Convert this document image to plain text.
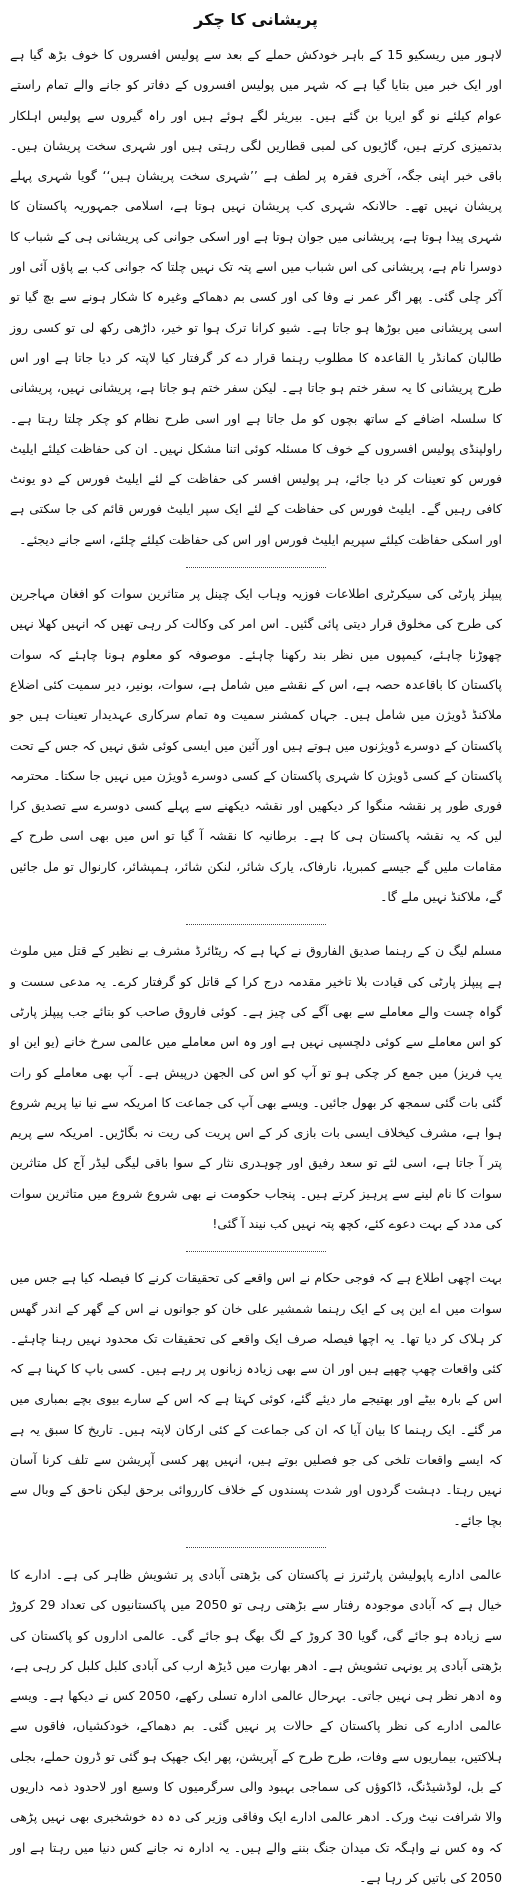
پریشانی کا چکر

لاہور میں ریسکیو 15 کے باہر خودکش حملے کے بعد سے پولیس افسروں کا خوف بڑھ گیا ہے اور ایک خبر میں بتایا گیا ہے کہ شہر میں پولیس افسروں کے دفاتر کو جانے والے تمام راستے عوام کیلئے نو گو ایریا بن گئے ہیں۔ بیریئر لگے ہوئے ہیں اور راہ گیروں سے پولیس اہلکار بدتمیزی کرتے ہیں، گاڑیوں کی لمبی قطاریں لگی رہتی ہیں اور شہری سخت پریشان ہیں۔ باقی خبر اپنی جگہ، آخری فقرہ پر لطف ہے ’’شہری سخت پریشان ہیں‘‘ گویا شہری پہلے پریشان نہیں تھے۔ حالانکہ شہری کب پریشان نہیں ہوتا ہے، اسلامی جمہوریہ پاکستان کا شہری پیدا ہوتا ہے، پریشانی میں جوان ہوتا ہے اور اسکی جوانی کی پریشانی ہی کے شباب کا دوسرا نام ہے، پریشانی کی اس شباب میں اسے پتہ تک نہیں چلتا کہ جوانی کب بے پاؤں آئی اور آکر چلی گئی۔ پھر اگر عمر نے وفا کی اور کسی بم دھماکے وغیرہ کا شکار ہونے سے بچ گیا تو اسی پریشانی میں بوڑھا ہو جاتا ہے۔ شیو کرانا ترک ہوا تو خیر، داڑھی رکھ لی تو کسی روز طالبان کمانڈر یا القاعدہ کا مطلوب رہنما قرار دے کر گرفتار کیا لاپتہ کر دیا جاتا ہے اور اس طرح پریشانی کا یہ سفر ختم ہو جاتا ہے۔ لیکن سفر ختم ہو جاتا ہے، پریشانی نہیں، پریشانی کا سلسلہ اضافے کے ساتھ بچوں کو مل جاتا ہے اور اسی طرح نظام کو چکر چلتا رہتا ہے۔ راولپنڈی پولیس افسروں کے خوف کا مسئلہ کوئی اتنا مشکل نہیں۔ ان کی حفاظت کیلئے ایلیٹ فورس کو تعینات کر دیا جائے، ہر پولیس افسر کی حفاظت کے لئے ایلیٹ فورس کے دو یونٹ کافی رہیں گے۔ ایلیٹ فورس کی حفاظت کے لئے ایک سپر ایلیٹ فورس قائم کی جا سکتی ہے اور اسکی حفاظت کیلئے سپریم ایلیٹ فورس اور اس کی حفاظت کیلئے چلئے، اسے جانے دیجئے۔

پیپلز پارٹی کی سیکرٹری اطلاعات فوزیہ وہاب ایک چینل پر متاثرین سوات کو افغان مہاجرین کی طرح کی مخلوق قرار دیتی پائی گئیں۔ اس امر کی وکالت کر رہی تھیں کہ انہیں کھلا نہیں چھوڑنا چاہئے، کیمپوں میں نظر بند رکھنا چاہئے۔ موصوفہ کو معلوم ہونا چاہئے کہ سوات پاکستان کا باقاعدہ حصہ ہے، اس کے نقشے میں شامل ہے، سوات، بونیر، دیر سمیت کئی اضلاع ملاکنڈ ڈویژن میں شامل ہیں۔ جہاں کمشنر سمیت وہ تمام سرکاری عہدیدار تعینات ہیں جو پاکستان کے دوسرے ڈویژنوں میں ہوتے ہیں اور آئین میں ایسی کوئی شق نہیں کہ جس کے تحت پاکستان کے کسی ڈویژن کا شہری پاکستان کے کسی دوسرے ڈویژن میں نہیں جا سکتا۔ محترمہ فوری طور پر نقشہ منگوا کر دیکھیں اور نقشہ دیکھنے سے پہلے کسی دوسرے سے تصدیق کرا لیں کہ یہ نقشہ پاکستان ہی کا ہے۔ برطانیہ کا نقشہ آ گیا تو اس میں بھی اسی طرح کے مقامات ملیں گے جیسے کمبریا، نارفاک، یارک شائر، لنکن شائر، ہمپشائر، کارنوال تو مل جائیں گے، ملاکنڈ نہیں ملے گا۔

مسلم لیگ ن کے رہنما صدیق الفاروق نے کہا ہے کہ ریٹائرڈ مشرف بے نظیر کے قتل میں ملوث ہے پیپلز پارٹی کی قیادت بلا تاخیر مقدمہ درج کرا کے قاتل کو گرفتار کرے۔ یہ مدعی سست و گواہ چست والے معاملے سے بھی آگے کی چیز ہے۔ کوئی فاروق صاحب کو بتائے جب پیپلز پارٹی کو اس معاملے سے کوئی دلچسپی نہیں ہے اور وہ اس معاملے میں عالمی سرخ خانے (یو این او یپ فریز) میں جمع کر چکی ہو تو آپ کو اس کی الجھن درپیش ہے۔ آپ بھی معاملے کو رات گئی بات گئی سمجھ کر بھول جائیں۔ ویسے بھی آپ کی جماعت کا امریکہ سے نیا نیا پریم شروع ہوا ہے، مشرف کیخلاف ایسی بات بازی کر کے اس پریت کی ریت نہ بگاڑیں۔ امریکہ سے پریم پتر آ جاتا ہے، اسی لئے تو سعد رفیق اور چوہدری نثار کے سوا باقی لیگی لیڈر آج کل متاثرین سوات کا نام لینے سے پرہیز کرتے ہیں۔ پنجاب حکومت نے بھی شروع شروع میں متاثرین سوات کی مدد کے بہت دعوے کئے، کچھ پتہ نہیں کب نیند آ گئی!

بہت اچھی اطلاع ہے کہ فوجی حکام نے اس واقعے کی تحقیقات کرنے کا فیصلہ کیا ہے جس میں سوات میں اے این پی کے ایک رہنما شمشیر علی خان کو جوانوں نے اس کے گھر کے اندر گھس کر ہلاک کر دیا تھا۔ یہ اچھا فیصلہ صرف ایک واقعے کی تحقیقات تک محدود نہیں رہنا چاہئے۔ کئی واقعات چھپ چھپے ہیں اور ان سے بھی زیادہ زبانوں پر رہے ہیں۔ کسی باپ کا کہنا ہے کہ اس کے بارہ بیٹے اور بھتیجے مار دیئے گئے، کوئی کہتا ہے کہ اس کے سارے بیوی بچے بمباری میں مر گئے۔ ایک رہنما کا بیان آیا کہ ان کی جماعت کے کئی ارکان لاپتہ ہیں۔ تاریخ کا سبق یہ ہے کہ ایسے واقعات تلخی کی جو فصلیں بوتے ہیں، انہیں پھر کسی آپریشن سے تلف کرنا آسان نہیں رہتا۔ دہشت گردوں اور شدت پسندوں کے خلاف کارروائی برحق لیکن ناحق کے وبال سے بچا جائے۔

عالمی ادارے پاپولیشن پارٹنرز نے پاکستان کی بڑھتی آبادی پر تشویش ظاہر کی ہے۔ ادارے کا خیال ہے کہ آبادی موجودہ رفتار سے بڑھتی رہی تو 2050 میں پاکستانیوں کی تعداد 29 کروڑ سے زیادہ ہو جائے گی، گویا 30 کروڑ کے لگ بھگ ہو جائے گی۔ عالمی اداروں کو پاکستان کی بڑھتی آبادی پر یونہی تشویش ہے۔ ادھر بھارت میں ڈیڑھ ارب کی آبادی کلبل کلبل کر رہی ہے، وہ ادھر نظر ہی نہیں جاتی۔ بہرحال عالمی ادارہ تسلی رکھے، 2050 کس نے دیکھا ہے۔ ویسے عالمی ادارے کی نظر پاکستان کے حالات پر نہیں گئی۔ بم دھماکے، خودکشیاں، فاقوں سے ہلاکتیں، بیماریوں سے وفات، طرح طرح کے آپریشن، پھر ایک جھپک ہو گئی تو ڈرون حملے، بجلی کے بل، لوڈشیڈنگ، ڈاکوؤں کی سماجی بہبود والی سرگرمیوں کا وسیع اور لاحدود ذمہ داریوں والا شرافت نیٹ ورک۔ ادھر عالمی ادارے ایک وفاقی وزیر کی دہ دہ خوشخبری بھی نہیں پڑھی کہ وہ کس نے واہگہ تک میدان جنگ بننے والے ہیں۔ یہ ادارہ نہ جانے کس دنیا میں رہتا ہے اور 2050 کی باتیں کر رہا ہے۔
